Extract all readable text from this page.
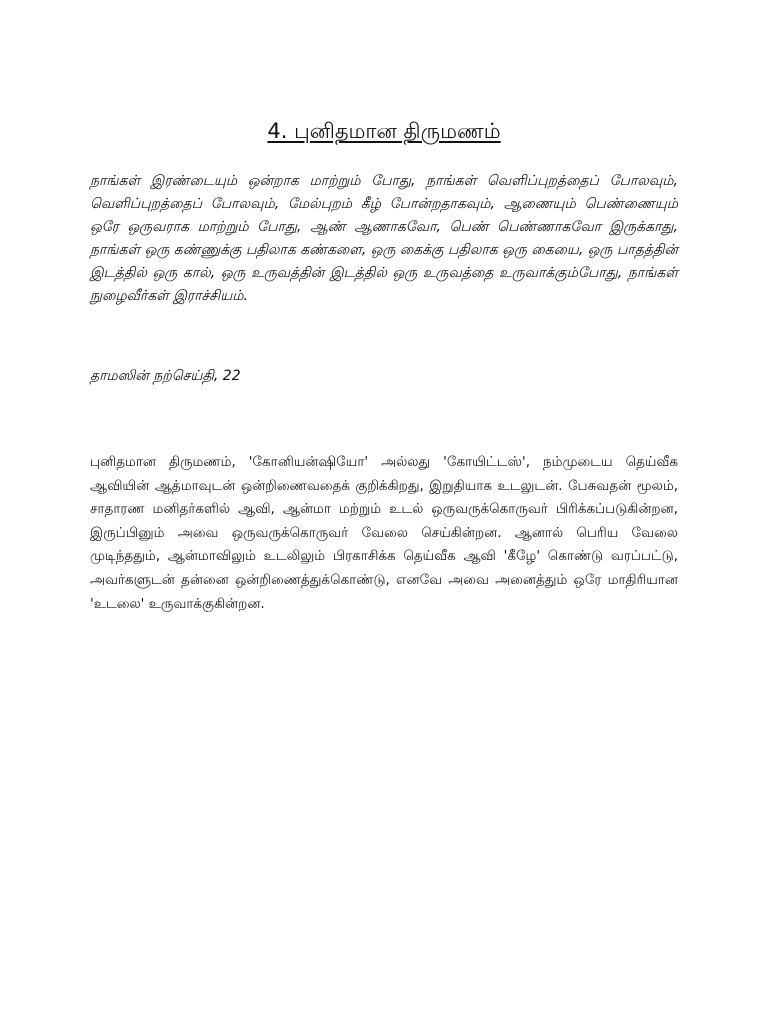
4. புனிதமான திருமணம்

நாங்கள் இரண்டையும் ஒன்றாக மாற்றும் போது, நாங்கள் வெளிப்புறத்தைப் போலவும், வெளிப்புறத்தைப் போலவும், மேல்புறம் கீழ் போன்றதாகவும், ஆணையும் பெண்ணையும் ஒரே ஒருவராக மாற்றும் போது, ஆண் ஆணாகவோ, பெண் பெண்ணாகவோ இருக்காது, நாங்கள் ஒரு கண்ணுக்கு பதிலாக கண்களை, ஒரு கைக்கு பதிலாக ஒரு கையை, ஒரு பாதத்தின் இடத்தில் ஒரு கால், ஒரு உருவத்தின் இடத்தில் ஒரு உருவத்தை உருவாக்கும்போது, நாங்கள் நுழைவீர்கள் இராச்சியம்.

தாமஸின் நற்செய்தி, 22

புனிதமான திருமணம், 'கோனியன்ஷியோ' அல்லது 'கோயிட்டஸ்', நம்முடைய தெய்வீக ஆவியின் ஆத்மாவுடன் ஒன்றிணைவதைக் குறிக்கிறது, இறுதியாக உடலுடன். பேசுவதன் மூலம், சாதாரண மனிதர்களில் ஆவி, ஆன்மா மற்றும் உடல் ஒருவருக்கொருவர் பிரிக்கப்படுகின்றன, இருப்பினும் அவை ஒருவருக்கொருவர் வேலை செய்கின்றன. ஆனால் பெரிய வேலை முடிந்ததும், ஆன்மாவிலும் உடலிலும் பிரகாசிக்க தெய்வீக ஆவி 'கீழே' கொண்டு வரப்பட்டு, அவர்களுடன் தன்னை ஒன்றிணைத்துக்கொண்டு, எனவே அவை அனைத்தும் ஒரே மாதிரியான 'உடலை' உருவாக்குகின்றன.
